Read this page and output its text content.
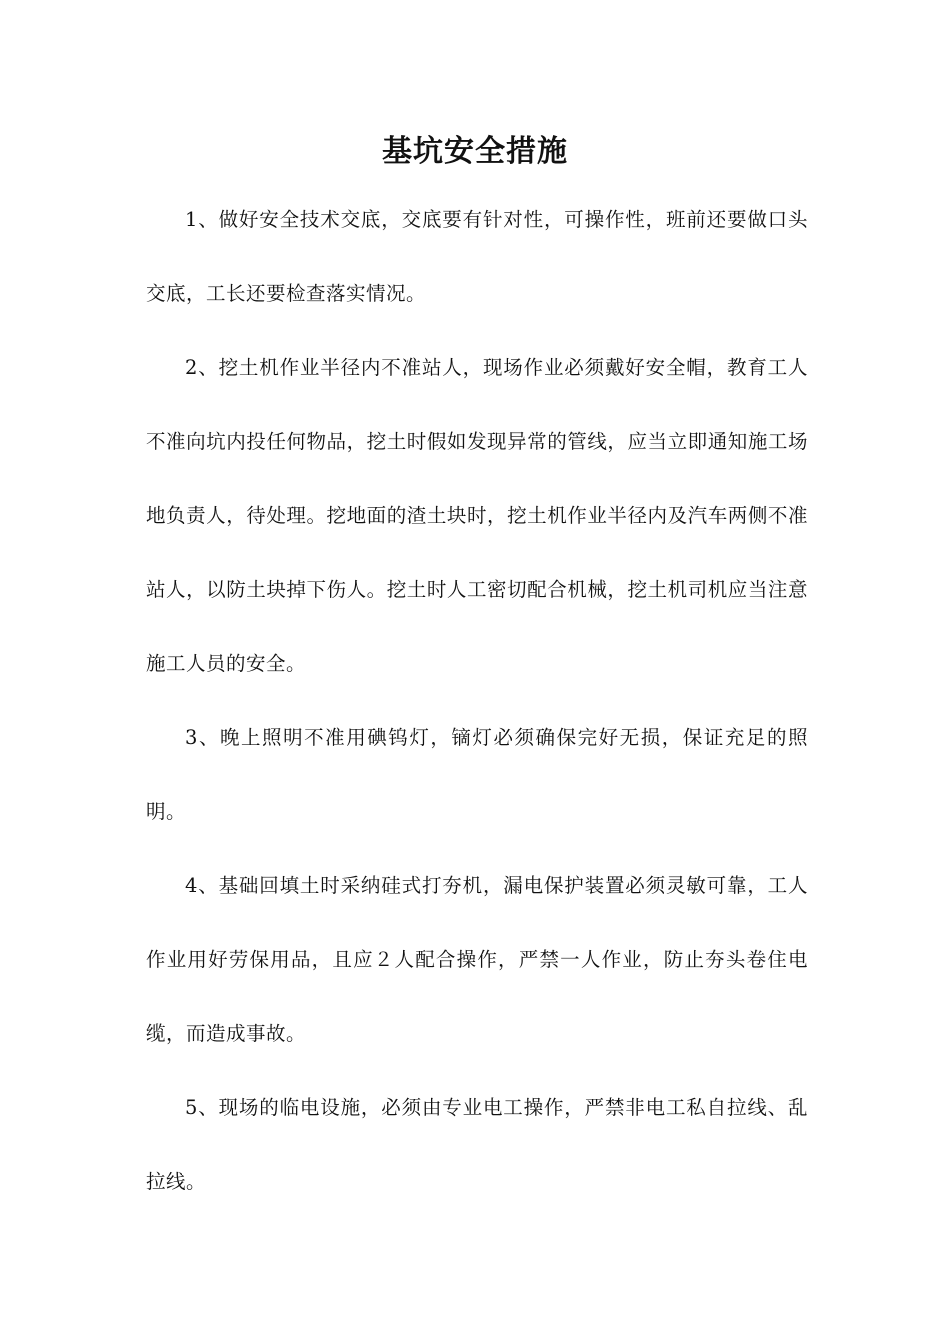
基坑安全措施

1、做好安全技术交底，交底要有针对性，可操作性，班前还要做口头交底，工长还要检查落实情况。

2、挖土机作业半径内不准站人，现场作业必须戴好安全帽，教育工人不准向坑内投任何物品，挖土时假如发现异常的管线，应当立即通知施工场地负责人，待处理。挖地面的渣土块时，挖土机作业半径内及汽车两侧不准站人，以防土块掉下伤人。挖土时人工密切配合机械，挖土机司机应当注意施工人员的安全。

3、晚上照明不准用碘钨灯，镝灯必须确保完好无损，保证充足的照明。

4、基础回填土时采纳硅式打夯机，漏电保护装置必须灵敏可靠，工人作业用好劳保用品，且应２人配合操作，严禁一人作业，防止夯头卷住电缆，而造成事故。

5、现场的临电设施，必须由专业电工操作，严禁非电工私自拉线、乱拉线。
